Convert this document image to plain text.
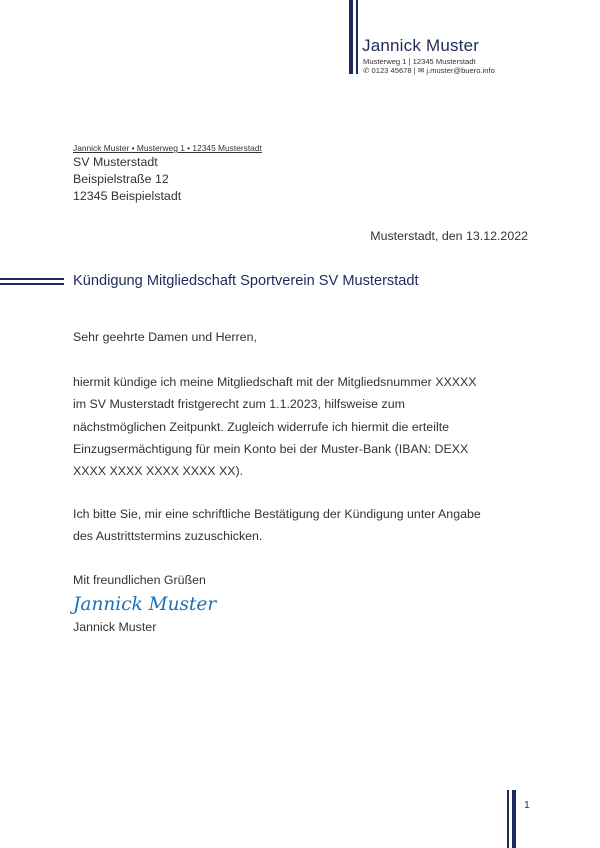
Jannick Muster
Musterweg 1 | 12345 Musterstadt
✆ 0123 45678 | ✉ j.muster@buero.info
Jannick Muster • Musterweg 1 • 12345 Musterstadt
SV Musterstadt
Beispielstraße 12
12345 Beispielstadt
Musterstadt, den 13.12.2022
Kündigung Mitgliedschaft Sportverein SV Musterstadt

Sehr geehrte Damen und Herren,

hiermit kündige ich meine Mitgliedschaft mit der Mitgliedsnummer XXXXX

im SV Musterstadt fristgerecht zum 1.1.2023, hilfsweise zum

nächstmöglichen Zeitpunkt. Zugleich widerrufe ich hiermit die erteilte

Einzugsermächtigung für mein Konto bei der Muster-Bank (IBAN: DEXX

XXXX XXXX XXXX XXXX XX).

Ich bitte Sie, mir eine schriftliche Bestätigung der Kündigung unter Angabe

des Austrittstermins zuzuschicken.

Mit freundlichen Grüßen

Jannick Muster

Jannick Muster

1
